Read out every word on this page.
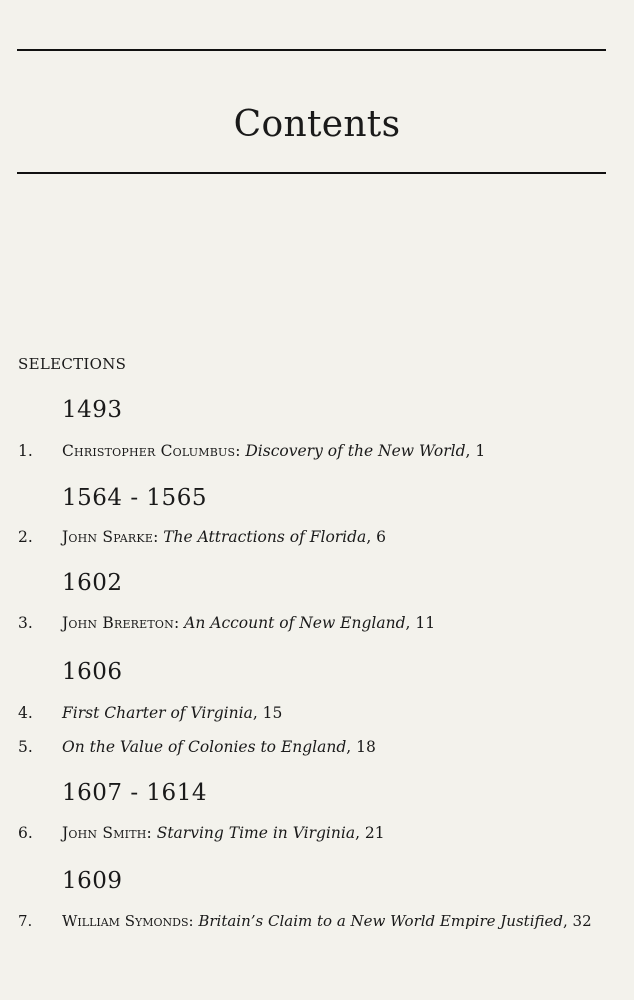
Contents
SELECTIONS
1493
1. Christopher Columbus: Discovery of the New World, 1
1564 - 1565
2. John Sparke: The Attractions of Florida, 6
1602
3. John Brereton: An Account of New England, 11
1606
4. First Charter of Virginia, 15
5. On the Value of Colonies to England, 18
1607 - 1614
6. John Smith: Starving Time in Virginia, 21
1609
7. William Symonds: Britain’s Claim to a New World Empire Justified, 32
